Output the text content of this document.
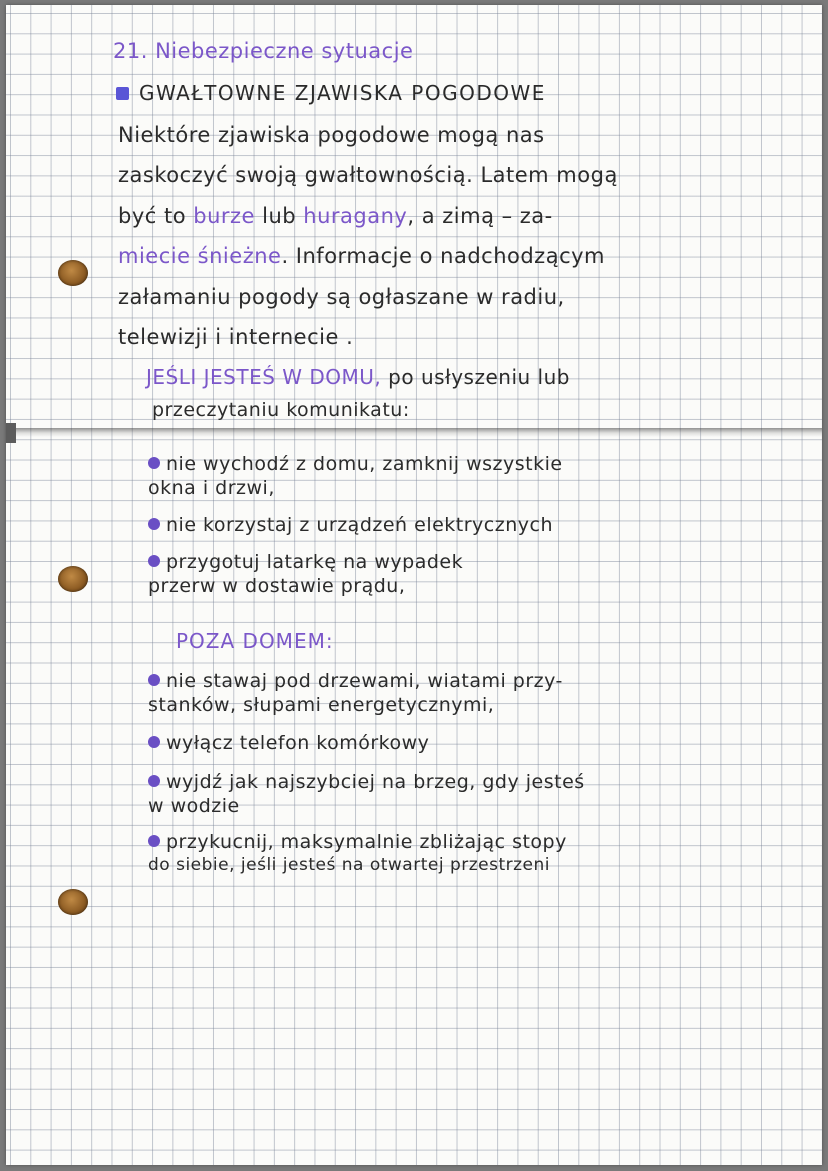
21. Niebezpieczne sytuacje
GWAŁTOWNE ZJAWISKA POGODOWE
Niektóre zjawiska pogodowe mogą nas
zaskoczyć swoją gwałtownością. Latem mogą
być to burze lub huragany, a zimą – za-
miecie śnieżne. Informacje o nadchodzącym
załamaniu pogody są ogłaszane w radiu,
telewizji i internecie .
JEŚLI JESTEŚ W DOMU, po usłyszeniu lub
przeczytaniu komunikatu:
nie wychodź z domu, zamknij wszystkie
okna i drzwi,
nie korzystaj z urządzeń elektrycznych
przygotuj latarkę na wypadek
przerw w dostawie prądu,
POZA DOMEM:
nie stawaj pod drzewami, wiatami przy-
stanków, słupami energetycznymi,
wyłącz telefon komórkowy
wyjdź jak najszybciej na brzeg, gdy jesteś
w wodzie
przykucnij, maksymalnie zbliżając stopy
do siebie, jeśli jesteś na otwartej przestrzeni
